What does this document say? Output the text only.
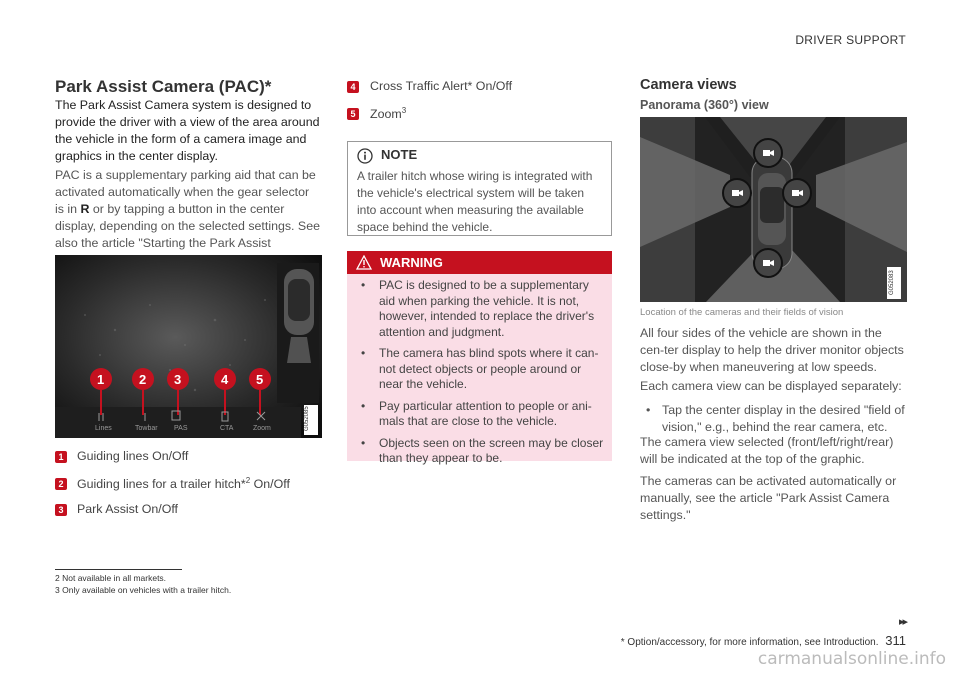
DRIVER SUPPORT
Park Assist Camera (PAC)*
The Park Assist Camera system is designed to provide the driver with a view of the area around the vehicle in the form of a camera image and graphics in the center display.
PAC is a supplementary parking aid that can be activated automatically when the gear selector is in R or by tapping a button in the center display, depending on the selected settings. See also the article "Starting the Park Assist
1	2 3	4 5
Lines	Towbar PAS	CTA	Zoom	G052085
1 Guiding lines On/Off
2 Guiding lines for a trailer hitch*$^2$ On/Off
3 Park Assist On/Off
4 Cross Traffic Alert* On/Off
5 Zoom$^3$
NOTE
A trailer hitch whose wiring is integrated with the vehicle's electrical system will be taken into account when measuring the available space behind the vehicle.
WARNING
• PAC is designed to be a supplementary aid when parking the vehicle. It is not, however, intended to replace the driver's attention and judgment.
• The camera has blind spots where it can-not detect objects or people around or near the vehicle.
• Pay particular attention to people or ani-mals that are close to the vehicle.
• Objects seen on the screen may be closer than they appear to be.
Camera views
Panorama (360°) view
G052083
Location of the cameras and their fields of vision
All four sides of the vehicle are shown in the cen-ter display to help the driver monitor objects close-by when maneuvering at low speeds.
Each camera view can be displayed separately:
• Tap the center display in the desired "field of vision," e.g., behind the rear camera, etc.
The camera view selected (front/left/right/rear) will be indicated at the top of the graphic.
The cameras can be activated automatically or manually, see the article "Park Assist Camera settings."
2 Not available in all markets.
3 Only available on vehicles with a trailer hitch.
▸▸
* Option/accessory, for more information, see Introduction. 311
carmanualsonline.info
